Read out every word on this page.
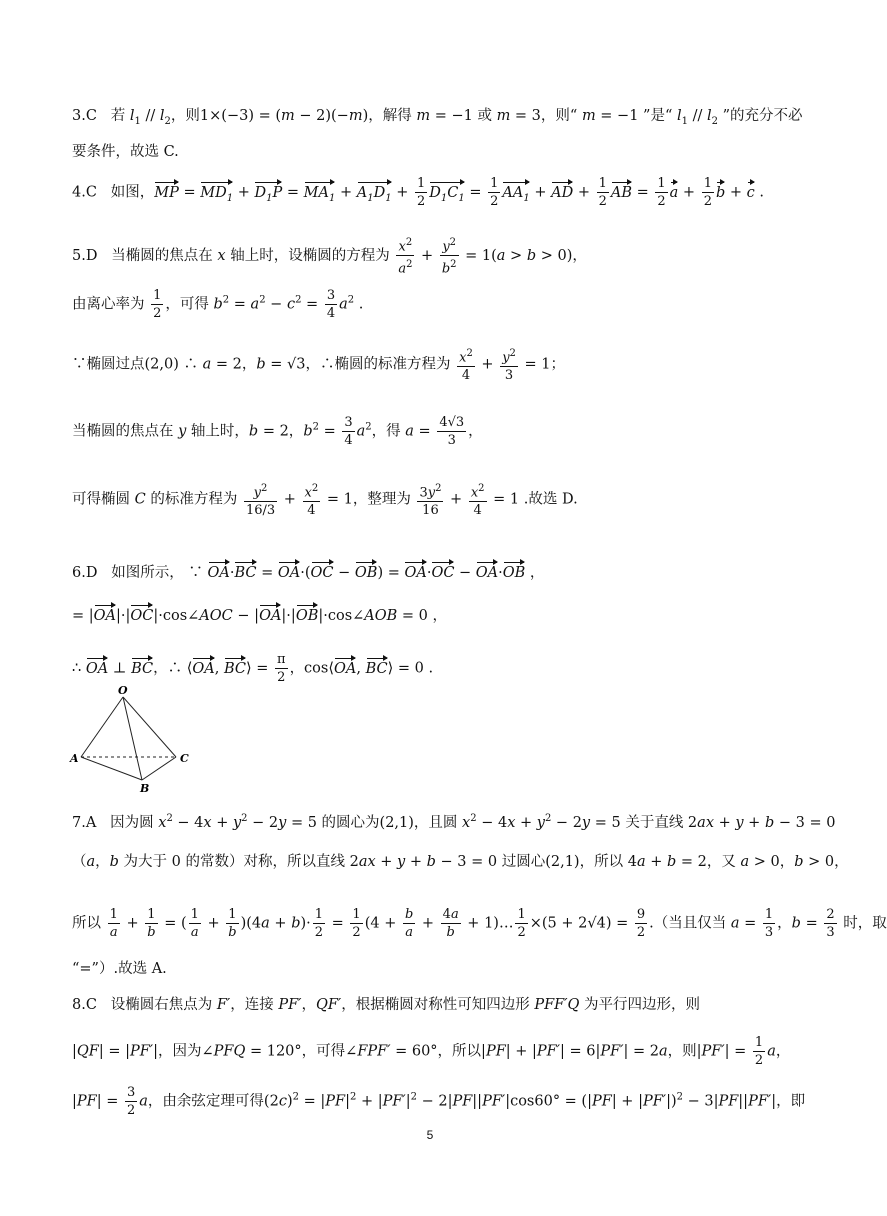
3.C   若 $l_1 // l_2$，则1×(−3) = (m − 2)(−m)，解得 m = −1 或 m = 3，则“ m = −1 ”是“ $l_1 // l_2$ ”的充分不必
要条件，故选 C.
4.C   如图，MP = $MD_1 + D_1P = MA_1 + A_1D_1 + \frac{1}{2} D_1C_1 = \frac{1}{2} AA_1$ + AD + $\frac{1}{2}$ AB = $\frac{1}{2}$ $a + \frac{1}{2}$ b + c .
5.D   当椭圆的焦点在 x 轴上时，设椭圆的方程为 $\frac{x^2}{a^2} + \frac{y^2}{b^2} = 1(a > b > 0)$，
由离心率为 $\frac{1}{2}$ ，可得 $b^2 = a^2 - c^2 = \frac{3}{4} a^2$ .
∵椭圆过点(2,0) ∴ a = 2，b = √3，∴椭圆的标准方程为 $\frac{x^2}{4} + \frac{y^2}{3} = 1$；
当椭圆的焦点在 y 轴上时，b = 2，$b^2 = \frac{3}{4} a^2$，得 $a = \frac{4√3}{3}$ ，
可得椭圆 C 的标准方程为 $\frac{y^2}{16/3} + \frac{x^2}{4} = 1$，整理为 $\frac{3y^2}{16} + \frac{x^2}{4} = 1$ .故选 D.
6.D   如图所示， ∵ OA·BC = OA·(OC − OB) = OA·OC − OA·OB ，
= |OA|·|OC|·cos∠AOC − |OA|·|OB|·cos∠AOB = 0 ，
∴ OA ⊥ BC，∴ ⟨OA, BC⟩ = $\frac{\pi}{2}$ ，cos⟨OA, BC⟩ = 0 .
O
A
B
C
7.A   因为圆 $x^2 - 4x + y^2 - 2y = 5$ 的圆心为(2,1)，且圆 $x^2 - 4x + y^2 - 2y = 5$ 关于直线 2ax + y + b − 3 = 0
（a，b 为大于 0 的常数）对称，所以直线 2ax + y + b − 3 = 0 过圆心(2,1)，所以 4a + b = 2，又 a > 0，b > 0，
所以 $\frac{1}{a} + \frac{1}{b}$ = ( $\frac{1}{a} + \frac{1}{b} )(4a + b)\cdot \frac{1}{2} = \frac{1}{2} (4 + \frac{b}{a} + \frac{4a}{b}$ + 1)… $\frac{1}{2} \times(5 + 2√4) = \frac{9}{2}$ .（当且仅当 $a = \frac{1}{3}$ ，$b = \frac{2}{3}$ 时，取
“=”）.故选 A.
8.C   设椭圆右焦点为 F′，连接 PF′，QF′，根据椭圆对称性可知四边形 PFF′Q 为平行四边形，则
|QF| = |PF′|，因为∠PFQ = 120°，可得∠FPF′ = 60°，所以|PF| + |PF′| = 6|PF′| = 2a，则$|PF'| = \frac{1}{2}$ a，
$|PF| = \frac{3}{2}$ a，由余弦定理可得$(2c)^2 = |PF|^2 + |PF'|^2 - 2|PF||PF'|\cos 60^\circ = (|PF| + |PF'|)^2 - 3|PF||PF'|$，即
5
